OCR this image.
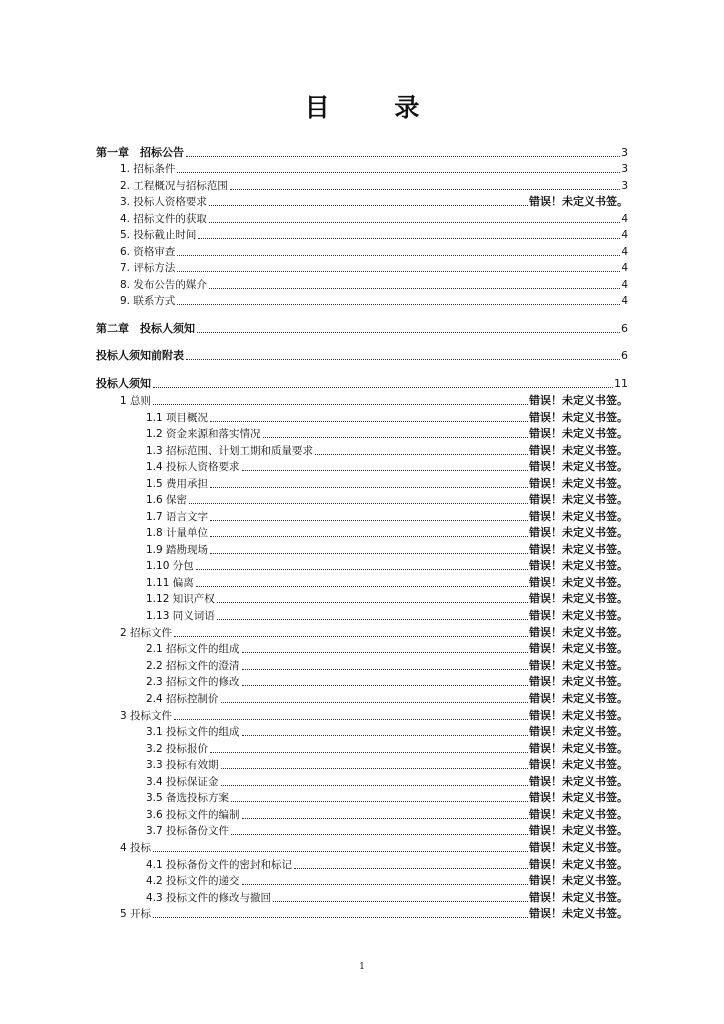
目 录
第一章　招标公告	3
1. 招标条件	3
2. 工程概况与招标范围	3
3. 投标人资格要求	错误！未定义书签。
4. 招标文件的获取	4
5. 投标截止时间	4
6. 资格审查	4
7. 评标方法	4
8. 发布公告的媒介	4
9. 联系方式	4
第二章　投标人须知	6
投标人须知前附表	6
投标人须知	11
1 总则	错误！未定义书签。
1.1 项目概况	错误！未定义书签。
1.2 资金来源和落实情况	错误！未定义书签。
1.3 招标范围、计划工期和质量要求	错误！未定义书签。
1.4 投标人资格要求	错误！未定义书签。
1.5 费用承担	错误！未定义书签。
1.6 保密	错误！未定义书签。
1.7 语言文字	错误！未定义书签。
1.8 计量单位	错误！未定义书签。
1.9 踏勘现场	错误！未定义书签。
1.10 分包	错误！未定义书签。
1.11 偏离	错误！未定义书签。
1.12 知识产权	错误！未定义书签。
1.13 同义词语	错误！未定义书签。
2 招标文件	错误！未定义书签。
2.1 招标文件的组成	错误！未定义书签。
2.2 招标文件的澄清	错误！未定义书签。
2.3 招标文件的修改	错误！未定义书签。
2.4 招标控制价	错误！未定义书签。
3 投标文件	错误！未定义书签。
3.1 投标文件的组成	错误！未定义书签。
3.2 投标报价	错误！未定义书签。
3.3 投标有效期	错误！未定义书签。
3.4 投标保证金	错误！未定义书签。
3.5 备选投标方案	错误！未定义书签。
3.6 投标文件的编制	错误！未定义书签。
3.7 投标备份文件	错误！未定义书签。
4 投标	错误！未定义书签。
4.1 投标备份文件的密封和标记	错误！未定义书签。
4.2 投标文件的递交	错误！未定义书签。
4.3 投标文件的修改与撤回	错误！未定义书签。
5 开标	错误！未定义书签。
1
